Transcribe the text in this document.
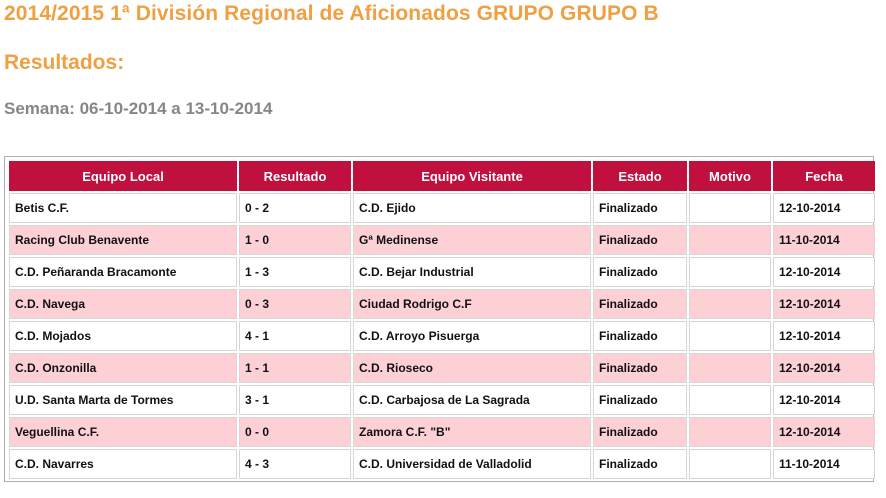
2014/2015 1ª División Regional de Aficionados GRUPO GRUPO B
Resultados:
Semana: 06-10-2014 a 13-10-2014
Equipo Local	Resultado	Equipo Visitante	Estado	Motivo	Fecha
Betis C.F.	0 - 2	C.D. Ejido	Finalizado		12-10-2014
Racing Club Benavente	1 - 0	Gª Medinense	Finalizado		11-10-2014
C.D. Peñaranda Bracamonte	1 - 3	C.D. Bejar Industrial	Finalizado		12-10-2014
C.D. Navega	0 - 3	Ciudad Rodrigo C.F	Finalizado		12-10-2014
C.D. Mojados	4 - 1	C.D. Arroyo Pisuerga	Finalizado		12-10-2014
C.D. Onzonilla	1 - 1	C.D. Rioseco	Finalizado		12-10-2014
U.D. Santa Marta de Tormes	3 - 1	C.D. Carbajosa de La Sagrada	Finalizado		12-10-2014
Veguellina C.F.	0 - 0	Zamora C.F. "B"	Finalizado		12-10-2014
C.D. Navarres	4 - 3	C.D. Universidad de Valladolid	Finalizado		11-10-2014
